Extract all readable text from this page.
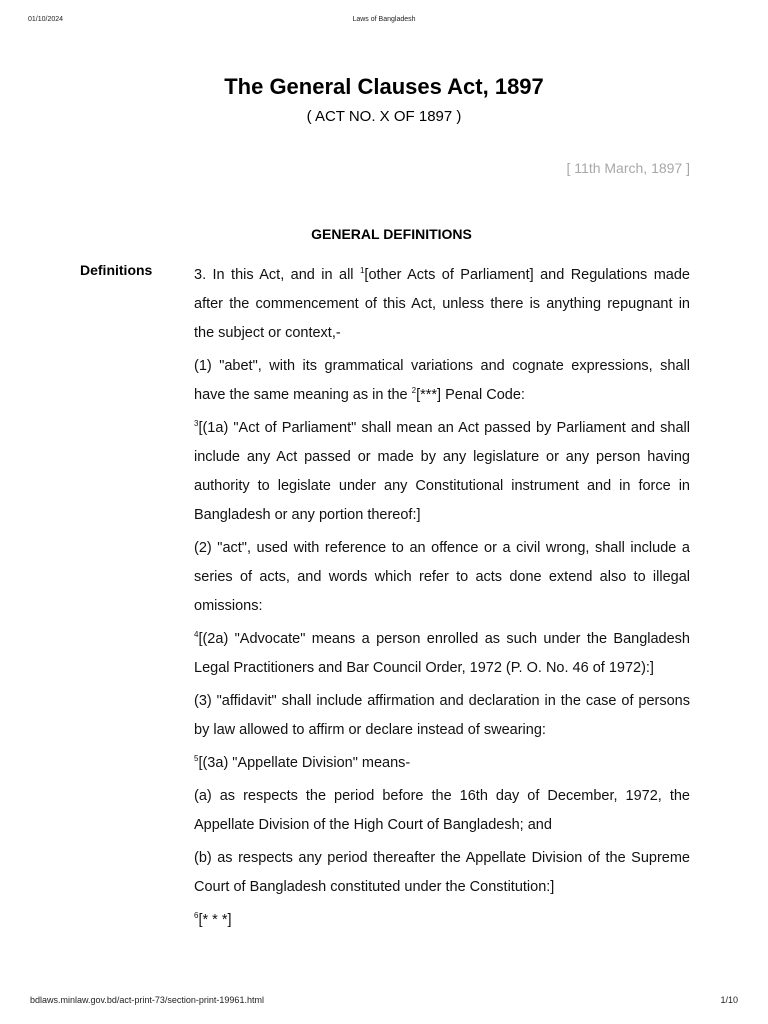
01/10/2024	Laws of Bangladesh
The General Clauses Act, 1897
( ACT NO. X OF 1897 )
[ 11th March, 1897 ]
GENERAL DEFINITIONS
Definitions	3. In this Act, and in all $^1$[other Acts of Parliament] and Regulations made after the commencement of this Act, unless there is anything repugnant in the subject or context,-

(1) "abet", with its grammatical variations and cognate expressions, shall have the same meaning as in the $^2$[***] Penal Code:

$^3$[(1a) "Act of Parliament" shall mean an Act passed by Parliament and shall include any Act passed or made by any legislature or any person having authority to legislate under any Constitutional instrument and in force in Bangladesh or any portion thereof:]

(2) "act", used with reference to an offence or a civil wrong, shall include a series of acts, and words which refer to acts done extend also to illegal omissions:

$^4$[(2a) "Advocate" means a person enrolled as such under the Bangladesh Legal Practitioners and Bar Council Order, 1972 (P. O. No. 46 of 1972):]

(3) "affidavit" shall include affirmation and declaration in the case of persons by law allowed to affirm or declare instead of swearing:

$^5$[(3a) "Appellate Division" means-

(a) as respects the period before the 16th day of December, 1972, the Appellate Division of the High Court of Bangladesh; and

(b) as respects any period thereafter the Appellate Division of the Supreme Court of Bangladesh constituted under the Constitution:]

$^6$[* * *]

bdlaws.minlaw.gov.bd/act-print-73/section-print-19961.html	1/10
